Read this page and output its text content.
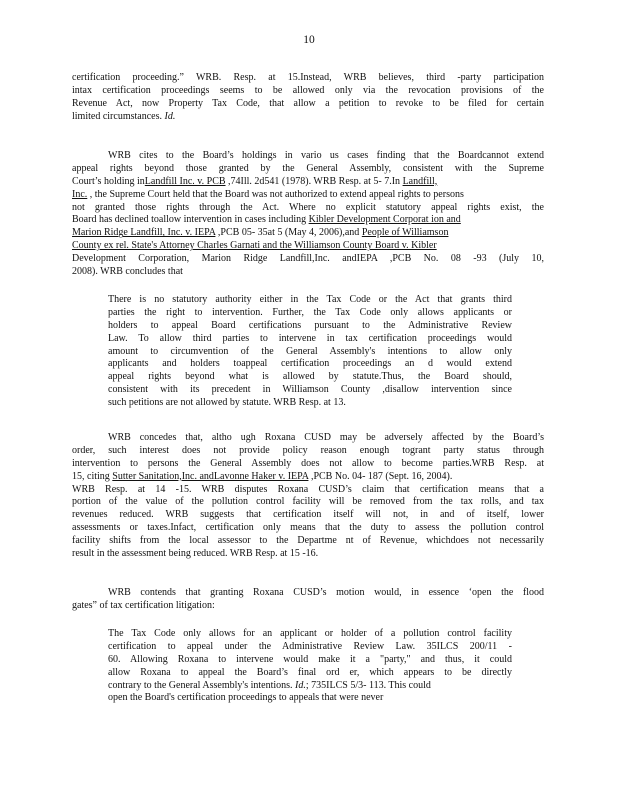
10
certification proceeding.” WRB. Resp. at 15.Instead, WRB believes, third -party participation
intax certification proceedings seems to be allowed only via the revocation provisions of the
Revenue Act, now Property Tax Code, that allow a petition to revoke to be filed for certain
limited circumstances. Id.
WRB cites to the Board’s holdings in vario us cases finding that the Boardcannot extend
appeal rights beyond those granted by the General Assembly, consistent with the Supreme
Court’s holding inLandfill Inc. v. PCB ,74Ill. 2d541 (1978). WRB Resp. at 5- 7.In Landfill,
Inc. , the Supreme Court held that the Board was not authorized to extend appeal rights to persons
not granted those rights through the Act. Where no explicit statutory appeal rights exist, the
Board has declined toallow intervention in cases including Kibler Development Corporat ion and
Marion Ridge Landfill, Inc. v. IEPA ,PCB 05- 35at 5 (May 4, 2006),and People of Williamson
County ex rel. State's Attorney Charles Garnati and the Williamson County Board v. Kibler
Development Corporation, Marion Ridge Landfill,Inc. andIEPA ,PCB No. 08 -93 (July 10,
2008). WRB concludes that
There is no statutory authority either in the Tax Code or the Act that grants third
parties the right to intervention. Further, the Tax Code only allows applicants or
holders to appeal Board certifications pursuant to the Administrative Review
Law. To allow third parties to intervene in tax certification proceedings would
amount to circumvention of the General Assembly's intentions to allow only
applicants and holders toappeal certification proceedings an d would extend
appeal rights beyond what is allowed by statute.Thus, the Board should,
consistent with its precedent in Williamson County ,disallow intervention since
such petitions are not allowed by statute. WRB Resp. at 13.
WRB concedes that, altho ugh Roxana CUSD may be adversely affected by the Board’s
order, such interest does not provide policy reason enough togrant party status through
intervention to persons the General Assembly does not allow to become parties.WRB Resp. at
15, citing Sutter Sanitation,Inc. andLavonne Haker v. IEPA ,PCB No. 04- 187 (Sept. 16, 2004).
WRB Resp. at 14 -15. WRB disputes Roxana CUSD’s claim that certification means that a
portion of the value of the pollution control facility will be removed from the tax rolls, and tax
revenues reduced. WRB suggests that certification itself will not, in and of itself, lower
assessments or taxes.Infact, certification only means that the duty to assess the pollution control
facility shifts from the local assessor to the Departme nt of Revenue, whichdoes not necessarily
result in the assessment being reduced. WRB Resp. at 15 -16.
WRB contends that granting Roxana CUSD’s motion would, in essence ‘open the flood
gates” of tax certification litigation:
The Tax Code only allows for an applicant or holder of a pollution control facility
certification to appeal under the Administrative Review Law. 35ILCS 200/11 -
60. Allowing Roxana to intervene would make it a "party," and thus, it could
allow Roxana to appeal the Board’s final ord er, which appears to be directly
contrary to the General Assembly's intentions. Id.; 735ILCS 5/3- 113. This could
open the Board's certification proceedings to appeals that were never
